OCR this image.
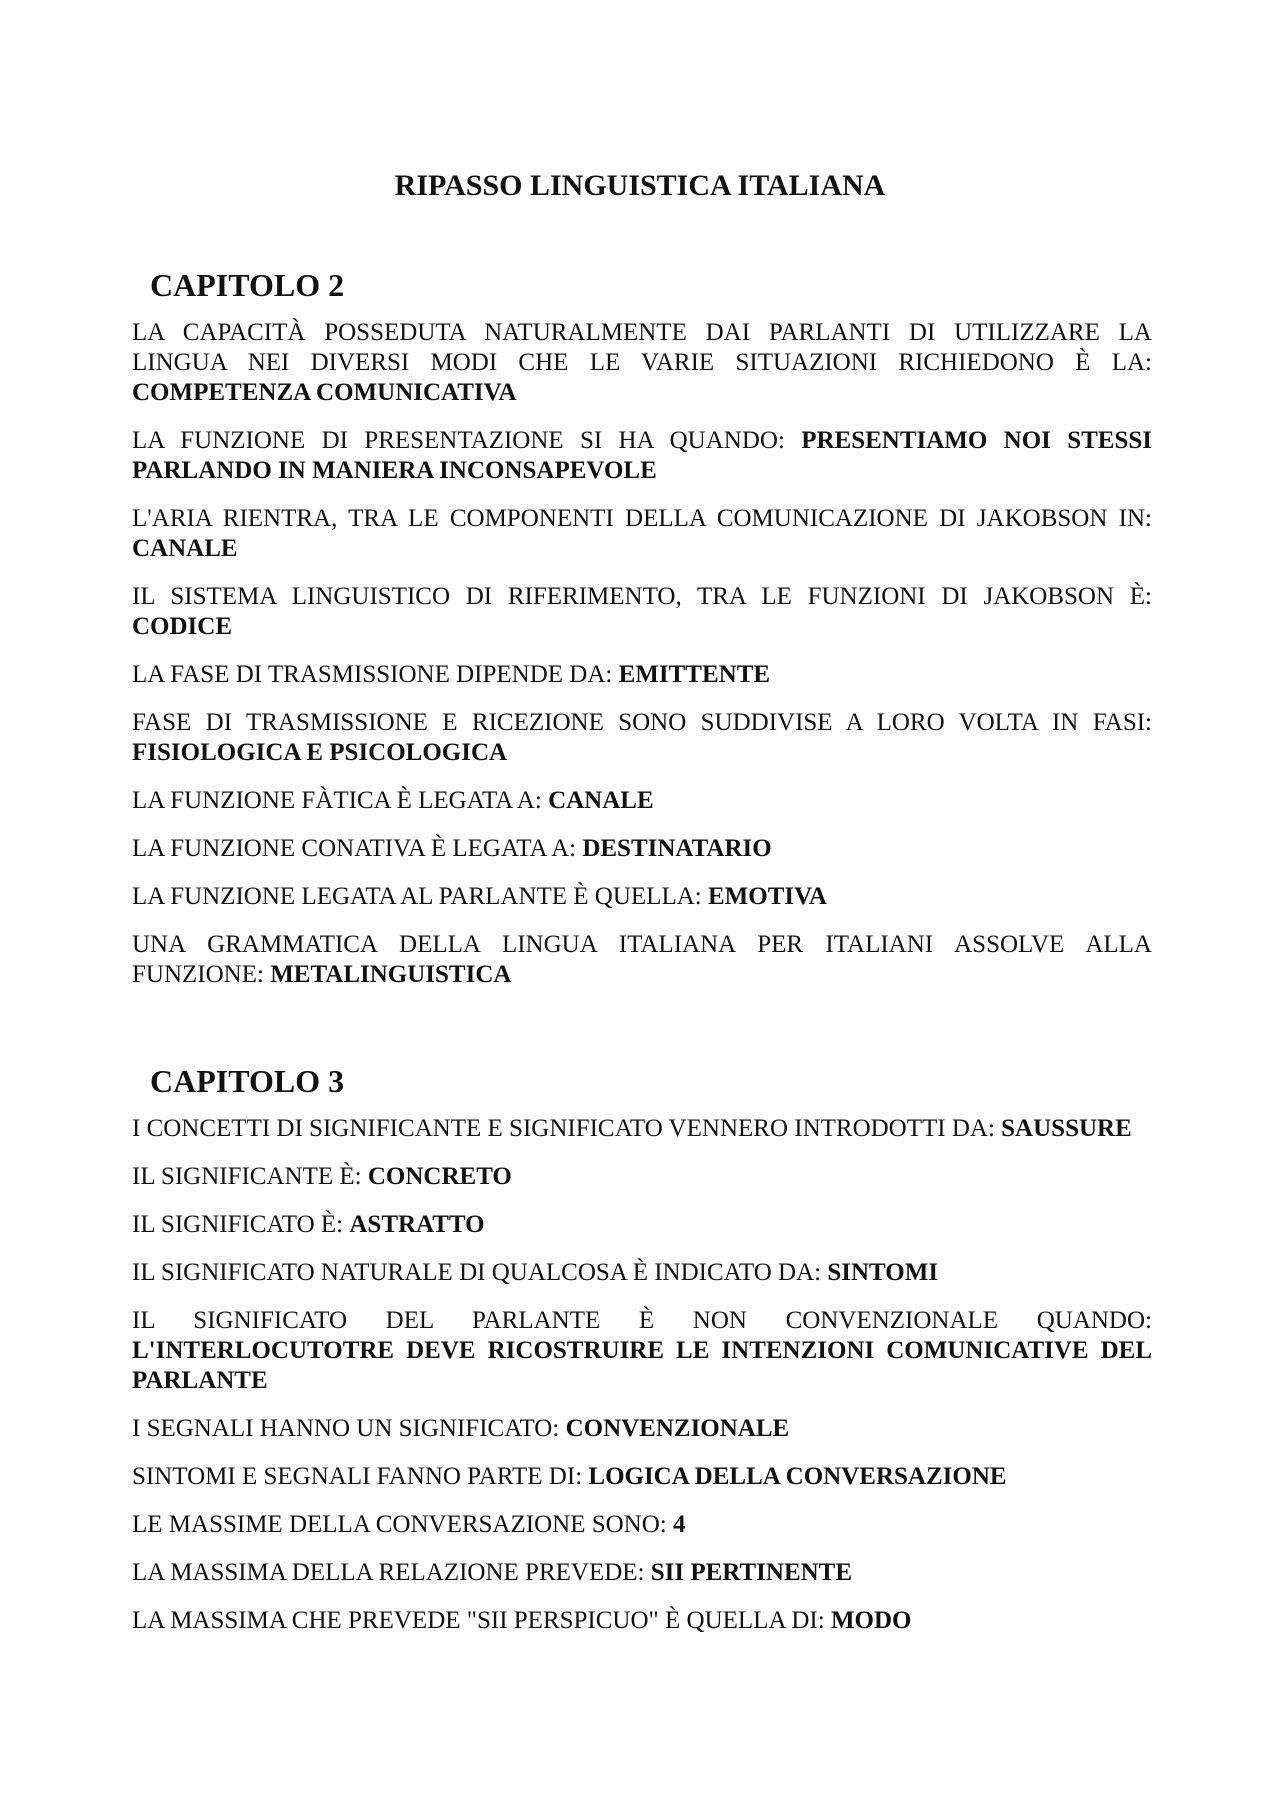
RIPASSO LINGUISTICA ITALIANA
CAPITOLO 2
LA CAPACITÀ POSSEDUTA NATURALMENTE DAI PARLANTI DI UTILIZZARE LA LINGUA NEI DIVERSI MODI CHE LE VARIE SITUAZIONI RICHIEDONO È LA: COMPETENZA COMUNICATIVA
LA FUNZIONE DI PRESENTAZIONE SI HA QUANDO: PRESENTIAMO NOI STESSI PARLANDO IN MANIERA INCONSAPEVOLE
L'ARIA RIENTRA, TRA LE COMPONENTI DELLA COMUNICAZIONE DI JAKOBSON IN: CANALE
IL SISTEMA LINGUISTICO DI RIFERIMENTO, TRA LE FUNZIONI DI JAKOBSON È: CODICE
LA FASE DI TRASMISSIONE DIPENDE DA: EMITTENTE
FASE DI TRASMISSIONE E RICEZIONE SONO SUDDIVISE A LORO VOLTA IN FASI: FISIOLOGICA E PSICOLOGICA
LA FUNZIONE FÀTICA È LEGATA A: CANALE
LA FUNZIONE CONATIVA È LEGATA A: DESTINATARIO
LA FUNZIONE LEGATA AL PARLANTE È QUELLA: EMOTIVA
UNA GRAMMATICA DELLA LINGUA ITALIANA PER ITALIANI ASSOLVE ALLA FUNZIONE: METALINGUISTICA
CAPITOLO 3
I CONCETTI DI SIGNIFICANTE E SIGNIFICATO VENNERO INTRODOTTI DA: SAUSSURE
IL SIGNIFICANTE È: CONCRETO
IL SIGNIFICATO È: ASTRATTO
IL SIGNIFICATO NATURALE DI QUALCOSA È INDICATO DA: SINTOMI
IL SIGNIFICATO DEL PARLANTE È NON CONVENZIONALE QUANDO: L'INTERLOCUTOTRE DEVE RICOSTRUIRE LE INTENZIONI COMUNICATIVE DEL PARLANTE
I SEGNALI HANNO UN SIGNIFICATO: CONVENZIONALE
SINTOMI E SEGNALI FANNO PARTE DI: LOGICA DELLA CONVERSAZIONE
LE MASSIME DELLA CONVERSAZIONE SONO: 4
LA MASSIMA DELLA RELAZIONE PREVEDE: SII PERTINENTE
LA MASSIMA CHE PREVEDE "SII PERSPICUO" È QUELLA DI: MODO
